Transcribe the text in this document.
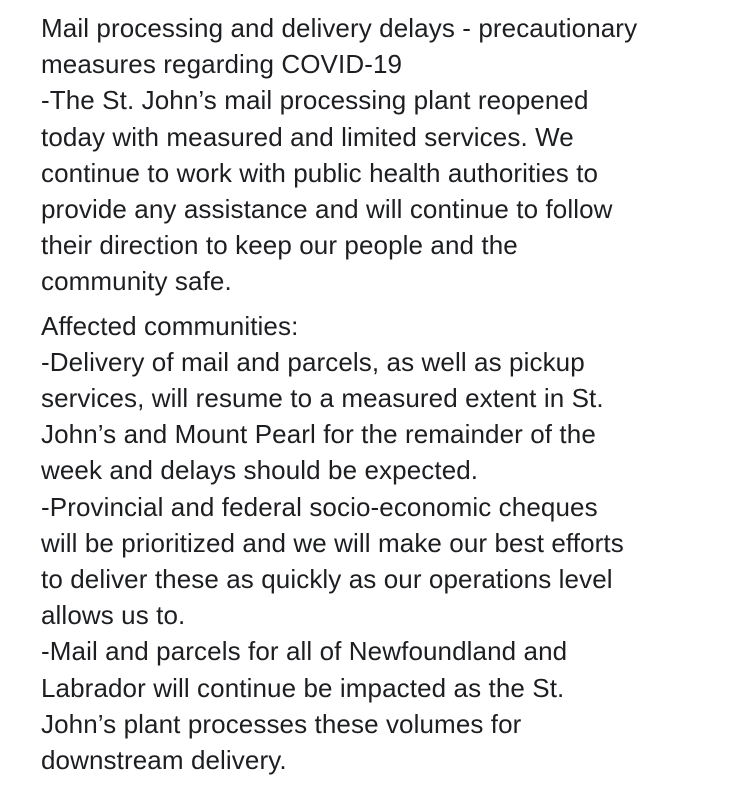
Mail processing and delivery delays - precautionary
measures regarding COVID-19
-The St. John’s mail processing plant reopened
today with measured and limited services. We
continue to work with public health authorities to
provide any assistance and will continue to follow
their direction to keep our people and the
community safe.

Affected communities:
-Delivery of mail and parcels, as well as pickup
services, will resume to a measured extent in St.
John’s and Mount Pearl for the remainder of the
week and delays should be expected.
-Provincial and federal socio-economic cheques
will be prioritized and we will make our best efforts
to deliver these as quickly as our operations level
allows us to.
-Mail and parcels for all of Newfoundland and
Labrador will continue be impacted as the St.
John’s plant processes these volumes for
downstream delivery.
